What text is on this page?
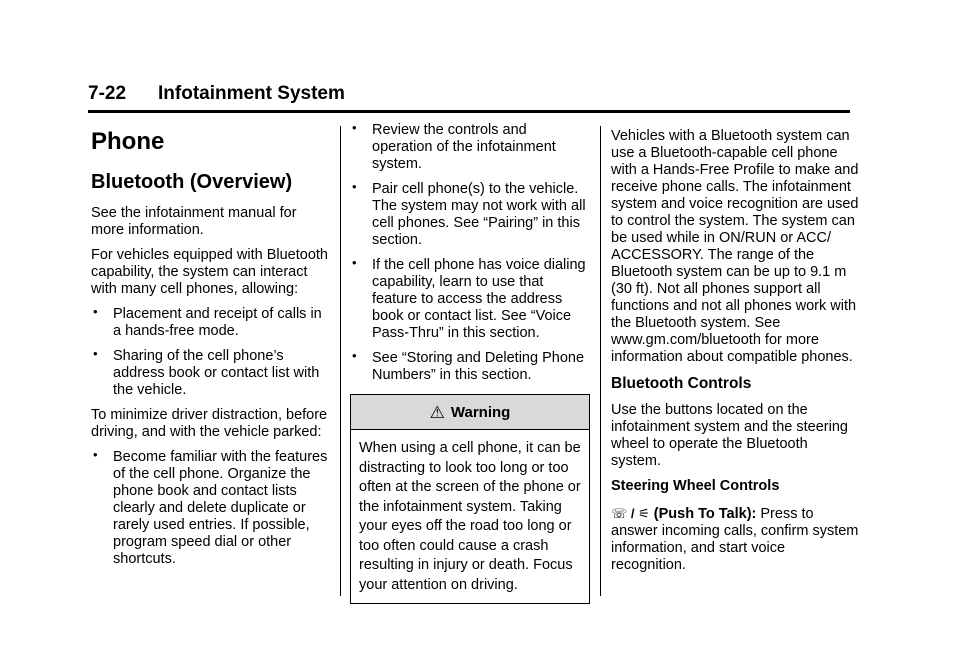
7-22 Infotainment System
Phone
Bluetooth (Overview)

See the infotainment manual for more information.

For vehicles equipped with Bluetooth capability, the system can interact with many cell phones, allowing:

• Placement and receipt of calls in a hands-free mode.
• Sharing of the cell phone’s address book or contact list with the vehicle.

To minimize driver distraction, before driving, and with the vehicle parked:

• Become familiar with the features of the cell phone. Organize the phone book and contact lists clearly and delete duplicate or rarely used entries. If possible, program speed dial or other shortcuts.
• Review the controls and operation of the infotainment system.
• Pair cell phone(s) to the vehicle. The system may not work with all cell phones. See “Pairing” in this section.
• If the cell phone has voice dialing capability, learn to use that feature to access the address book or contact list. See “Voice Pass-Thru” in this section.
• See “Storing and Deleting Phone Numbers” in this section.
⚠ Warning
When using a cell phone, it can be distracting to look too long or too often at the screen of the phone or the infotainment system. Taking your eyes off the road too long or too often could cause a crash resulting in injury or death. Focus your attention on driving.

Vehicles with a Bluetooth system can use a Bluetooth-capable cell phone with a Hands-Free Profile to make and receive phone calls. The infotainment system and voice recognition are used to control the system. The system can be used while in ON/RUN or ACC/ ACCESSORY. The range of the Bluetooth system can be up to 9.1 m (30 ft). Not all phones support all functions and not all phones work with the Bluetooth system. See www.gm.com/bluetooth for more information about compatible phones.

Bluetooth Controls

Use the buttons located on the infotainment system and the steering wheel to operate the Bluetooth system.

Steering Wheel Controls

☏ / ⚟ (Push To Talk): Press to answer incoming calls, confirm system information, and start voice recognition.
